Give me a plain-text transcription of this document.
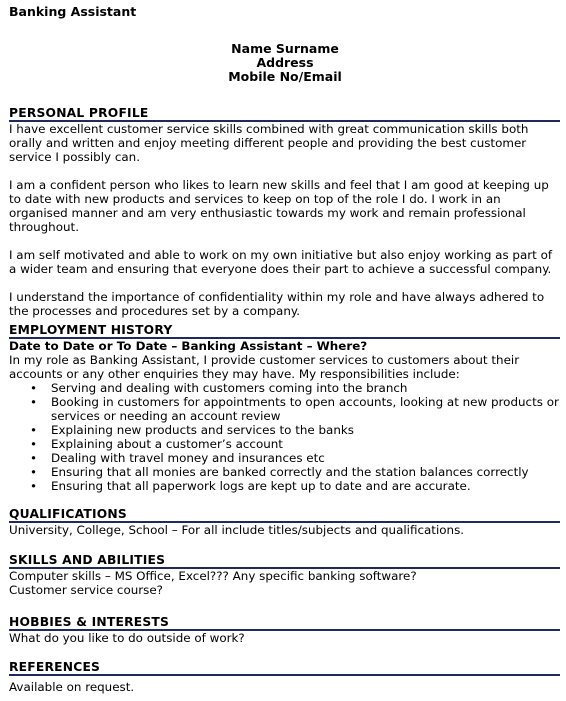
Banking Assistant
Name Surname
Address
Mobile No/Email
PERSONAL PROFILE

I have excellent customer service skills combined with great communication skills both orally and written and enjoy meeting different people and providing the best customer service I possibly can.

I am a confident person who likes to learn new skills and feel that I am good at keeping up to date with new products and services to keep on top of the role I do. I work in an organised manner and am very enthusiastic towards my work and remain professional throughout.

I am self motivated and able to work on my own initiative but also enjoy working as part of a wider team and ensuring that everyone does their part to achieve a successful company.

I understand the importance of confidentiality within my role and have always adhered to the processes and procedures set by a company.

EMPLOYMENT HISTORY
Date to Date or To Date – Banking Assistant – Where?

In my role as Banking Assistant, I provide customer services to customers about their accounts or any other enquiries they may have. My responsibilities include:

• Serving and dealing with customers coming into the branch
• Booking in customers for appointments to open accounts, looking at new products or services or needing an account review
• Explaining new products and services to the banks
• Explaining about a customer’s account
• Dealing with travel money and insurances etc
• Ensuring that all monies are banked correctly and the station balances correctly
• Ensuring that all paperwork logs are kept up to date and are accurate.
QUALIFICATIONS

University, College, School – For all include titles/subjects and qualifications.

SKILLS AND ABILITIES

Computer skills – MS Office, Excel??? Any specific banking software?

Customer service course?

HOBBIES & INTERESTS

What do you like to do outside of work?

REFERENCES

Available on request.
